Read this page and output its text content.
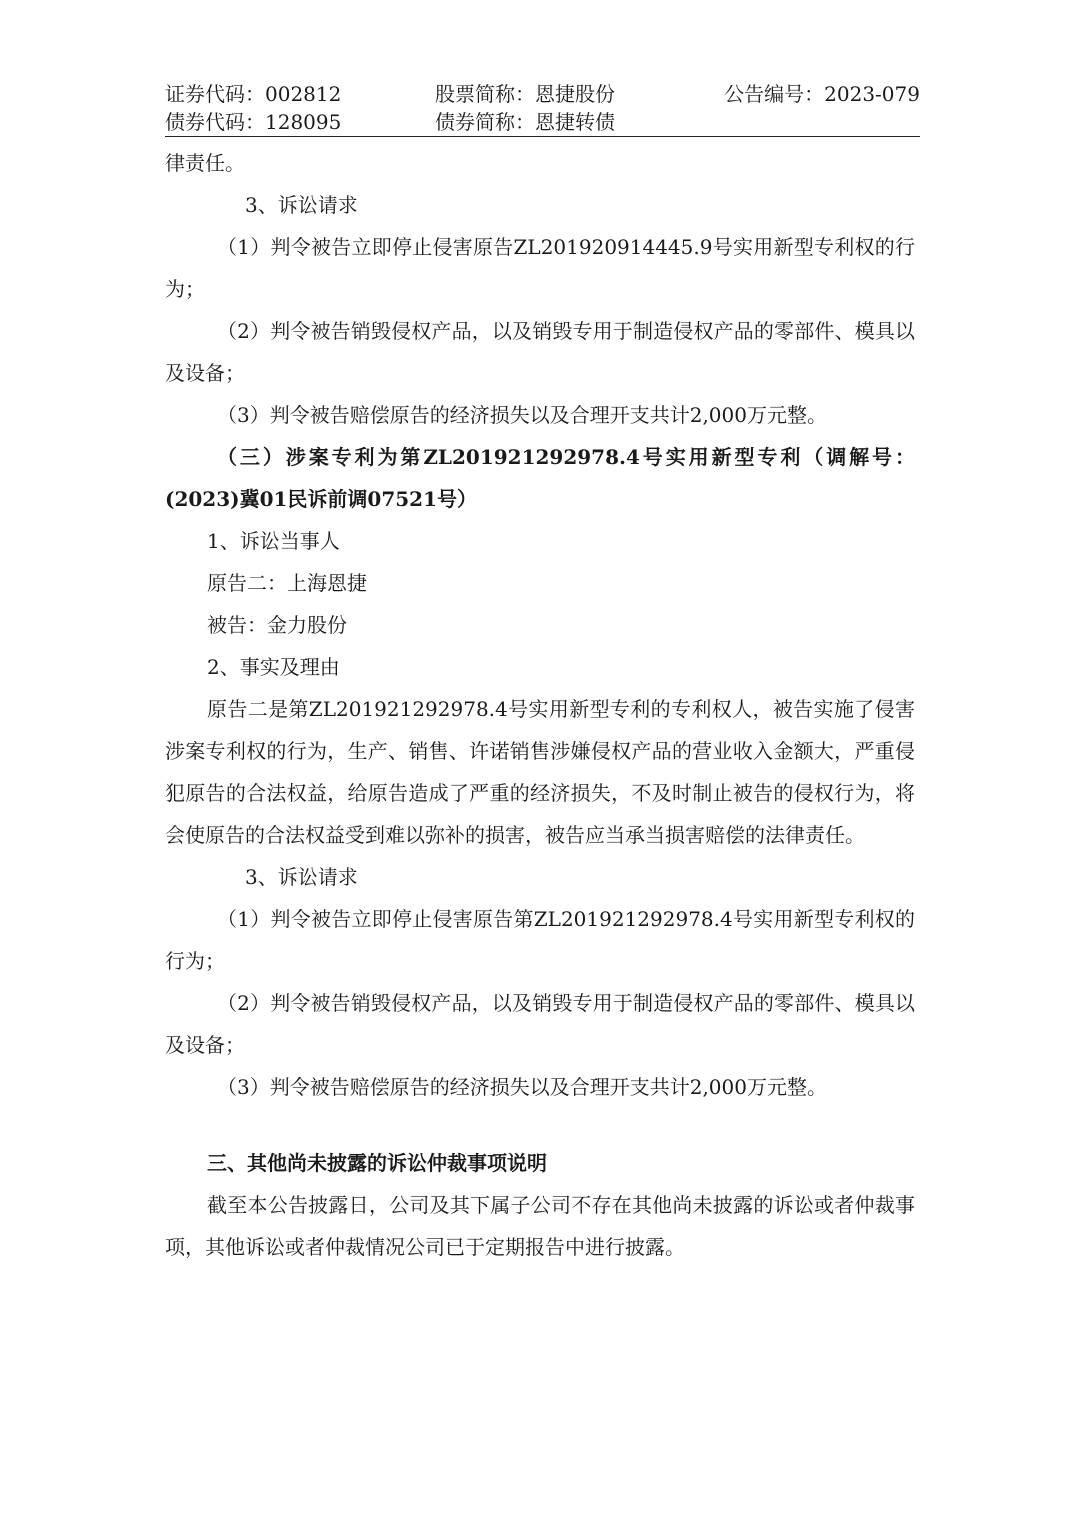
证券代码：002812	股票简称：恩捷股份	公告编号：2023-079
债券代码：128095	债券简称：恩捷转债

律责任。

3、诉讼请求

（1）判令被告立即停止侵害原告ZL201920914445.9号实用新型专利权的行为；

（2）判令被告销毁侵权产品，以及销毁专用于制造侵权产品的零部件、模具以及设备；

（3）判令被告赔偿原告的经济损失以及合理开支共计2,000万元整。

（三）涉案专利为第ZL201921292978.4号实用新型专利（调解号：(2023)冀01民诉前调07521号）

1、诉讼当事人

原告二：上海恩捷

被告：金力股份

2、事实及理由

原告二是第ZL201921292978.4号实用新型专利的专利权人，被告实施了侵害涉案专利权的行为，生产、销售、许诺销售涉嫌侵权产品的营业收入金额大，严重侵犯原告的合法权益，给原告造成了严重的经济损失，不及时制止被告的侵权行为，将会使原告的合法权益受到难以弥补的损害，被告应当承当损害赔偿的法律责任。

3、诉讼请求

（1）判令被告立即停止侵害原告第ZL201921292978.4号实用新型专利权的行为；

（2）判令被告销毁侵权产品，以及销毁专用于制造侵权产品的零部件、模具以及设备；

（3）判令被告赔偿原告的经济损失以及合理开支共计2,000万元整。

三、其他尚未披露的诉讼仲裁事项说明

截至本公告披露日，公司及其下属子公司不存在其他尚未披露的诉讼或者仲裁事项，其他诉讼或者仲裁情况公司已于定期报告中进行披露。
